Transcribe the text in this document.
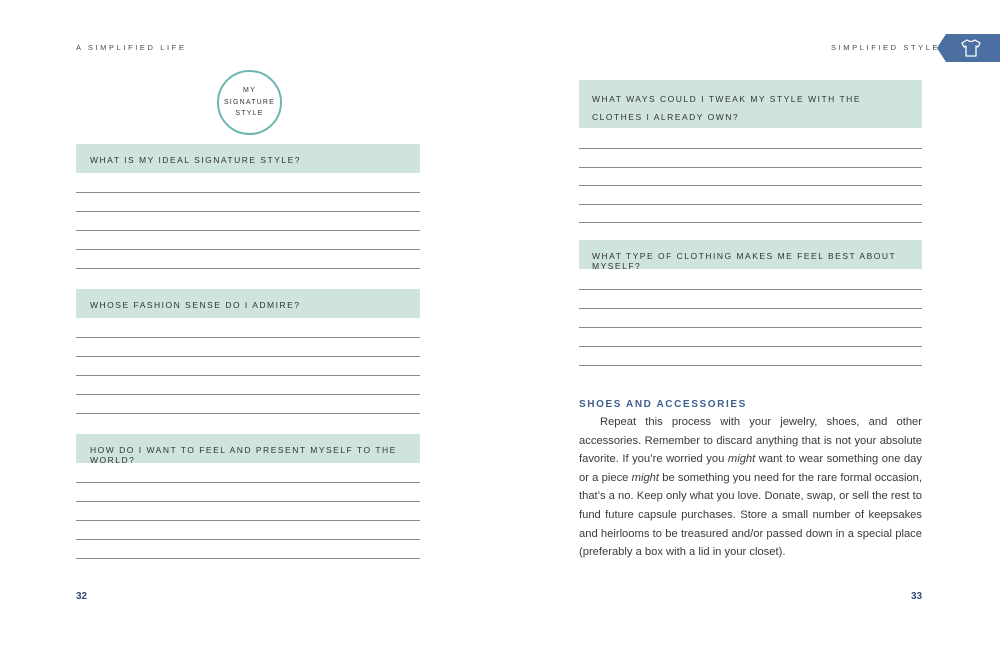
A SIMPLIFIED LIFE
MY
SIGNATURE
STYLE
WHAT IS MY IDEAL SIGNATURE STYLE?
WHOSE FASHION SENSE DO I ADMIRE?
HOW DO I WANT TO FEEL AND PRESENT MYSELF TO THE WORLD?
32
SIMPLIFIED STYLE
WHAT WAYS COULD I TWEAK MY STYLE WITH THE CLOTHES I ALREADY OWN?
WHAT TYPE OF CLOTHING MAKES ME FEEL BEST ABOUT MYSELF?
SHOES AND ACCESSORIES

Repeat this process with your jewelry, shoes, and other accessories. Remember to discard anything that is not your absolute favorite. If you’re worried you might want to wear something one day or a piece might be something you need for the rare formal occasion, that’s a no. Keep only what you love. Donate, swap, or sell the rest to fund future capsule purchases. Store a small number of keepsakes and heirlooms to be treasured and/or passed down in a special place (preferably a box with a lid in your closet).

33
